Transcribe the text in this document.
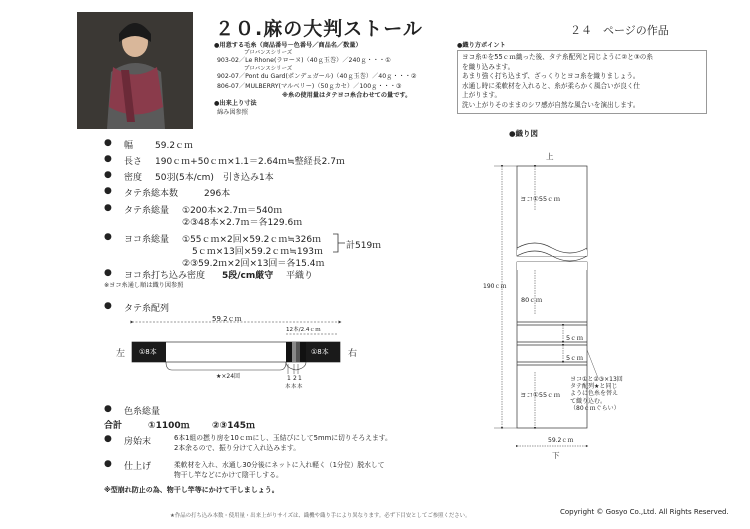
２０.麻の大判ストール	２４　ページの作品
●用意する毛糸（商品番号－色番号／商品名／数量）
プロバンスシリーズ
903-02／Le Rhone(ラローヌ)（40ｇ玉巻）／240ｇ・・・①
プロバンスシリーズ
902-07／Pont du Gard(ポンデュガール)（40ｇ玉巻）／40ｇ・・・②
806-07／MULBERRY(マルベリー)（50ｇカセ）／100ｇ・・・③
※糸の使用量はタテヨコ糸合わせての量です。
●出来上り寸法
綿み図参照
●織り方ポイント
ヨコ糸①を55ｃｍ織った後、タテ糸配列と同じように②と③の糸
を織り込みます。
あまり強く打ち込まず、ざっくりとヨコ糸を織りましょう。
水通し時に柔軟材を入れると、糸が柔らかく風合いが良く仕
上がります。
洗い上がりそのままのシワ感が自然な風合いを演出します。
● 幅 59.2ｃｍ
● 長さ 190ｃｍ+50ｃｍ×1.1＝2.64ｍ≒整経長2.7ｍ
● 密度 50羽(5本/cm)　引き込み1本
● タテ糸総本数	296本
● タテ糸総量 ①200本×2.7ｍ＝540ｍ
②③48本×2.7ｍ＝各129.6ｍ
● ヨコ糸総量 ①55ｃｍ×2回×59.2ｃｍ≒326ｍ
5ｃｍ×13回×59.2ｃｍ≒193ｍ
②③59.2ｍ×2回×13回＝各15.4ｍ
計519ｍ
● ヨコ糸打ち込み密度 5段/cm厳守 平織り
※ヨコ糸通し順は織り図参照
● タテ糸配列
59.2ｃｍ
12本/2.4ｃｍ
左	右
①8本	①8本
★×24回	1 2 1
本 本 本
● 色糸総量
合計	①1100ｍ ②③145ｍ
● 房始末	6本1組の撚り房を10ｃｍにし、玉結びにして5mmに切りそろえます。
2本余るので、振り分けて入れ込みます。
● 仕上げ	柔軟材を入れ、水通し30分後にネットに入れ軽く（1分位）脱水して
物干し竿などにかけて陰干しする。
※型崩れ防止の為、物干し竿等にかけて干しましょう。
●織り図
上
ヨコ①55ｃｍ
80ｃｍ
190ｃｍ
5ｃｍ
5ｃｍ
ヨコ①55ｃｍ
59.2ｃｍ
下
ヨコ①と②③×13回
タテ配列★と同じ
ように色糸を替え
て織り込む。
（80ｃｍぐらい）
★作品の打ち込み本数・使用量・出来上がりサイズは、織機や織り手により異なります。必ず下目安としてご参照ください。	Copyright © Gosyo Co.,Ltd. All Rights Reserved.
